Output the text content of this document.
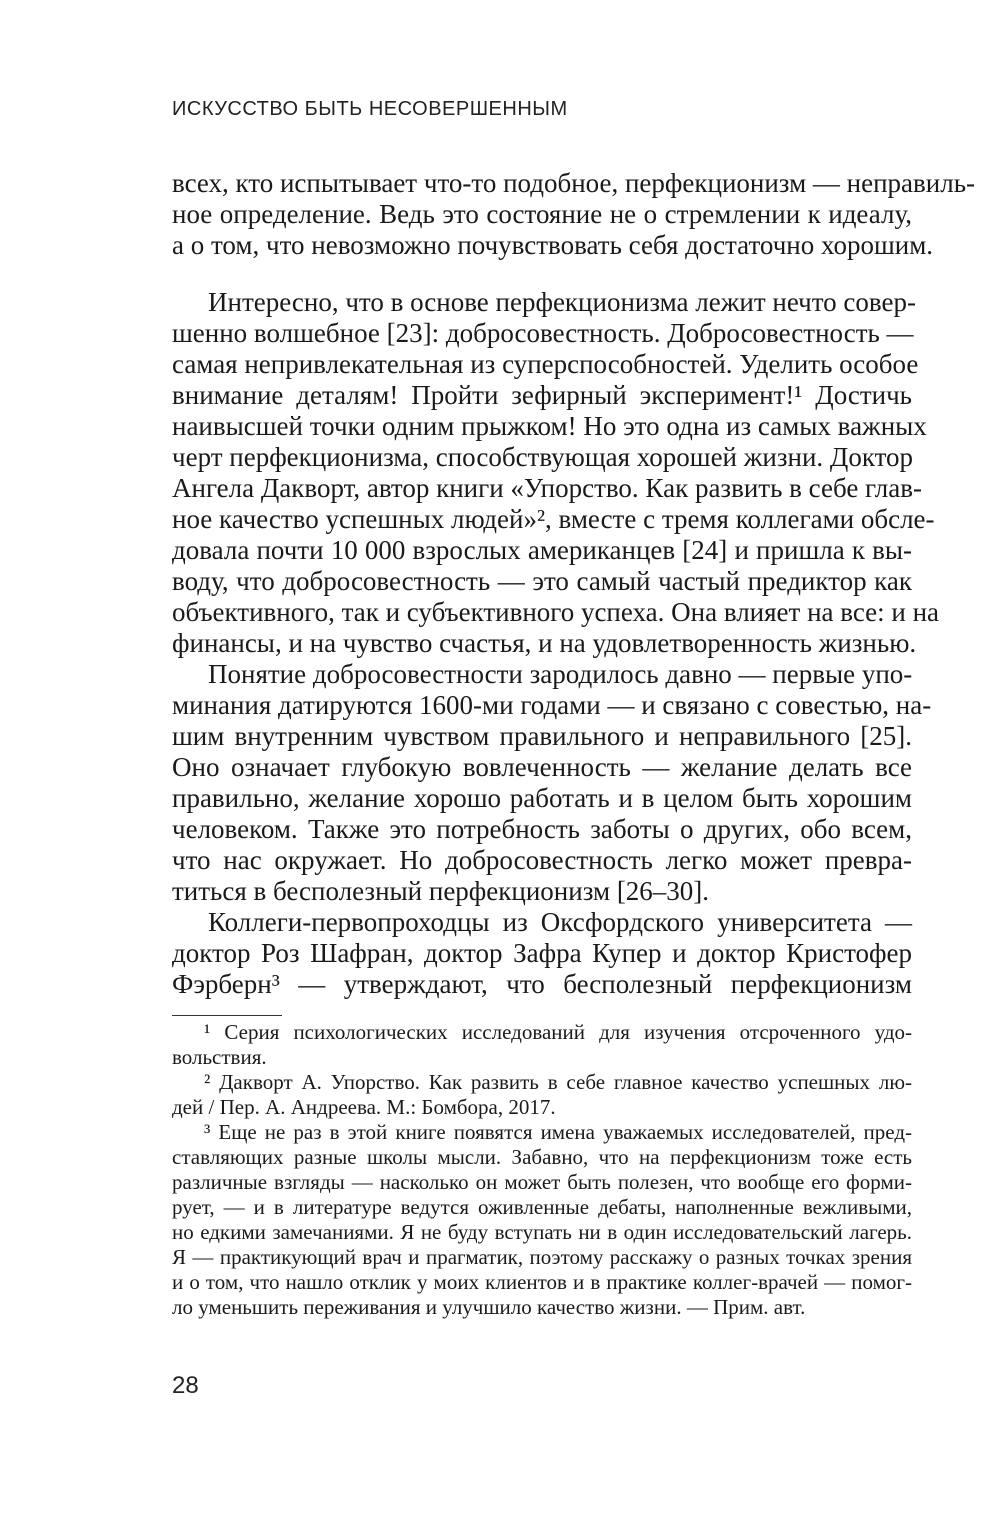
ИСКУССТВО БЫТЬ НЕСОВЕРШЕННЫМ
всех, кто испытывает что-то подобное, перфекционизм — неправиль-
ное определение. Ведь это состояние не о стремлении к идеалу,
а о том, что невозможно почувствовать себя достаточно хорошим.
Интересно, что в основе перфекционизма лежит нечто совер-
шенно волшебное [23]: добросовестность. Добросовестность —
самая непривлекательная из суперспособностей. Уделить особое
внимание деталям! Пройти зефирный эксперимент!¹ Достичь
наивысшей точки одним прыжком! Но это одна из самых важных
черт перфекционизма, способствующая хорошей жизни. Доктор
Ангела Дакворт, автор книги «Упорство. Как развить в себе глав-
ное качество успешных людей»², вместе с тремя коллегами обсле-
довала почти 10 000 взрослых американцев [24] и пришла к вы-
воду, что добросовестность — это самый частый предиктор как
объективного, так и субъективного успеха. Она влияет на все: и на
финансы, и на чувство счастья, и на удовлетворенность жизнью.
Понятие добросовестности зародилось давно — первые упо-
минания датируются 1600-ми годами — и связано с совестью, на-
шим внутренним чувством правильного и неправильного [25].
Оно означает глубокую вовлеченность — желание делать все
правильно, желание хорошо работать и в целом быть хорошим
человеком. Также это потребность заботы о других, обо всем,
что нас окружает. Но добросовестность легко может превра-
титься в бесполезный перфекционизм [26–30].
Коллеги-первопроходцы из Оксфордского университета —
доктор Роз Шафран, доктор Зафра Купер и доктор Кристофер
Фэрберн³ — утверждают, что бесполезный перфекционизм
¹ Серия психологических исследований для изучения отсроченного удо-
вольствия.
² Дакворт А. Упорство. Как развить в себе главное качество успешных лю-
дей / Пер. А. Андреева. М.: Бомбора, 2017.
³ Еще не раз в этой книге появятся имена уважаемых исследователей, пред-
ставляющих разные школы мысли. Забавно, что на перфекционизм тоже есть
различные взгляды — насколько он может быть полезен, что вообще его форми-
рует, — и в литературе ведутся оживленные дебаты, наполненные вежливыми,
но едкими замечаниями. Я не буду вступать ни в один исследовательский лагерь.
Я — практикующий врач и прагматик, поэтому расскажу о разных точках зрения
и о том, что нашло отклик у моих клиентов и в практике коллег-врачей — помог-
ло уменьшить переживания и улучшило качество жизни. — Прим. авт.
28
